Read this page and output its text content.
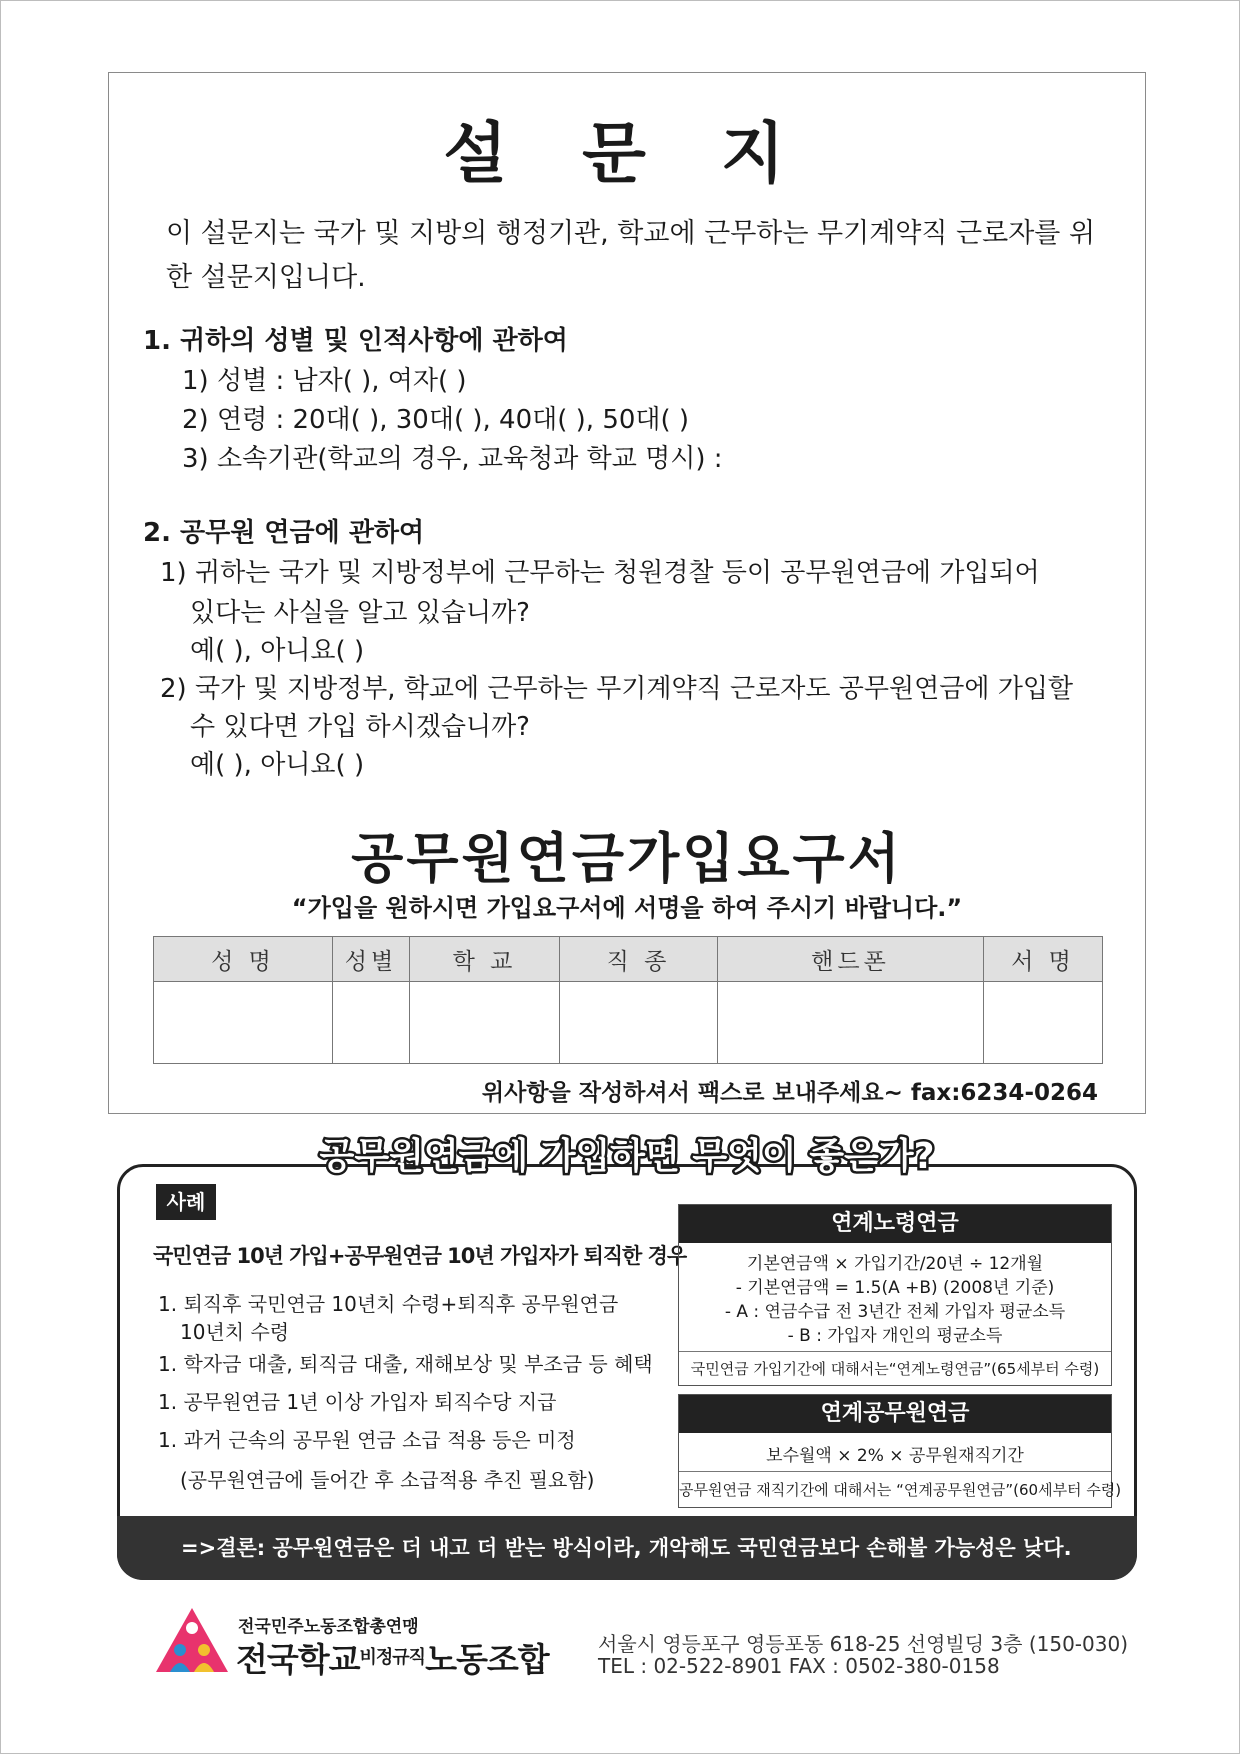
설 문 지
이 설문지는 국가 및 지방의 행정기관, 학교에 근무하는 무기계약직 근로자를 위한 설문지입니다.
1. 귀하의 성별 및 인적사항에 관하여
1) 성별 : 남자( ), 여자( )
2) 연령 : 20대( ), 30대( ), 40대( ), 50대( )
3) 소속기관(학교의 경우, 교육청과 학교 명시) :
2. 공무원 연금에 관하여
1) 귀하는 국가 및 지방정부에 근무하는 청원경찰 등이 공무원연금에 가입되어
있다는 사실을 알고 있습니까?
예( ), 아니요( )
2) 국가 및 지방정부, 학교에 근무하는 무기계약직 근로자도 공무원연금에 가입할
수 있다면 가입 하시겠습니까?
예( ), 아니요( )
공무원연금가입요구서
“가입을 원하시면 가입요구서에 서명을 하여 주시기 바랍니다.”
성 명	성별	학 교	직 종	핸드폰	서 명

위사항을 작성하셔서 팩스로 보내주세요~ fax:6234-0264
공무원연금에 가입하면 무엇이 좋은가?
사례
국민연금 10년 가입+공무원연금 10년 가입자가 퇴직한 경우
1. 퇴직후 국민연금 10년치 수령+퇴직후 공무원연금
10년치 수령
1. 학자금 대출, 퇴직금 대출, 재해보상 및 부조금 등 혜택
1. 공무원연금 1년 이상 가입자 퇴직수당 지급
1. 과거 근속의 공무원 연금 소급 적용 등은 미정
(공무원연금에 들어간 후 소급적용 추진 필요함)
연계노령연금
기본연금액 × 가입기간/20년 ÷ 12개월
- 기본연금액 = 1.5(A +B) (2008년 기준)
- A : 연금수급 전 3년간 전체 가입자 평균소득
- B : 가입자 개인의 평균소득
국민연금 가입기간에 대해서는“연계노령연금”(65세부터 수령)
연계공무원연금
보수월액 × 2% × 공무원재직기간
공무원연금 재직기간에 대해서는 “연계공무원연금”(60세부터 수령)
=>결론: 공무원연금은 더 내고 더 받는 방식이라, 개악해도 국민연금보다 손해볼 가능성은 낮다.
전국민주노동조합총연맹
전국학교$^{비정규직}$노동조합 서울시 영등포구 영등포동 618-25 선영빌딩 3층 (150-030)
TEL : 02-522-8901 FAX : 0502-380-0158
